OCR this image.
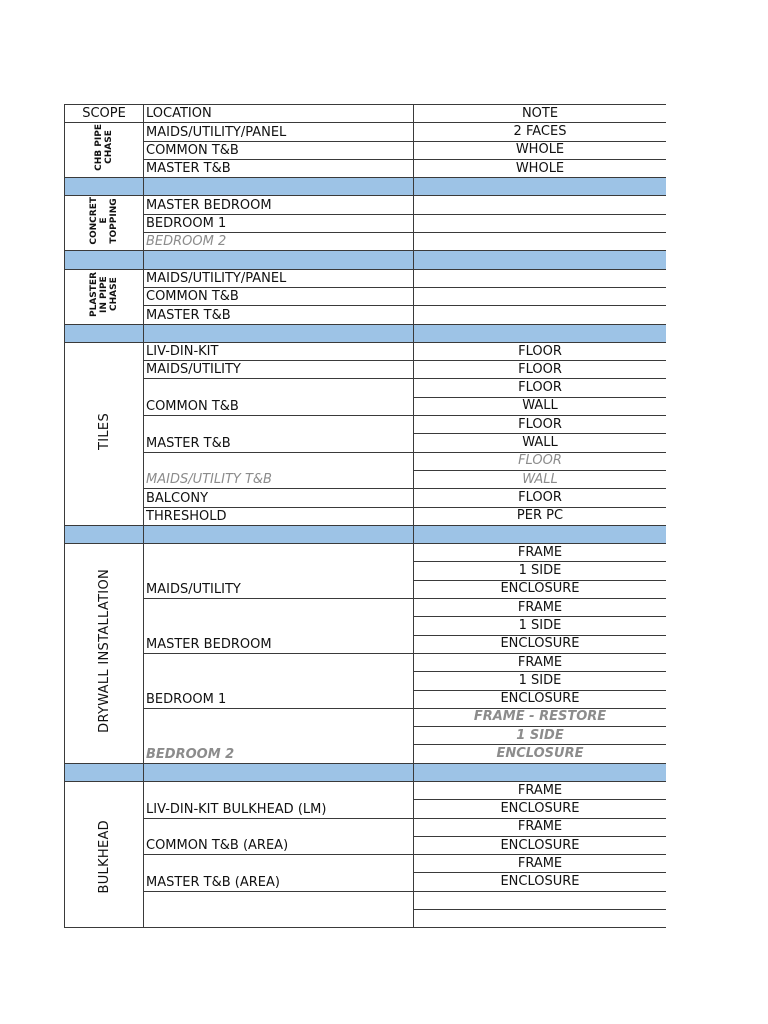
SCOPE	LOCATION	NOTE
CHB PIPE
CHASE	MAIDS/UTILITY/PANEL	2 FACES
	COMMON T&B	WHOLE
	MASTER T&B	WHOLE

CONCRET
E
TOPPING	MASTER BEDROOM	
	BEDROOM 1	
	BEDROOM 2	

PLASTER
IN PIPE
CHASE	MAIDS/UTILITY/PANEL	
	COMMON T&B	
	MASTER T&B	

TILES	LIV-DIN-KIT	FLOOR
	MAIDS/UTILITY	FLOOR
	COMMON T&B	FLOOR
		WALL
	MASTER T&B	FLOOR
		WALL
	MAIDS/UTILITY T&B	FLOOR
		WALL
	BALCONY	FLOOR
	THRESHOLD	PER PC

DRYWALL INSTALLATION	MAIDS/UTILITY	FRAME
		1 SIDE
		ENCLOSURE
	MASTER BEDROOM	FRAME
		1 SIDE
		ENCLOSURE
	BEDROOM 1	FRAME
		1 SIDE
		ENCLOSURE
	BEDROOM 2	FRAME - RESTORE
		1 SIDE
		ENCLOSURE

BULKHEAD	LIV-DIN-KIT BULKHEAD (LM)	FRAME
		ENCLOSURE
	COMMON T&B (AREA)	FRAME
		ENCLOSURE
	MASTER T&B (AREA)	FRAME
		ENCLOSURE
